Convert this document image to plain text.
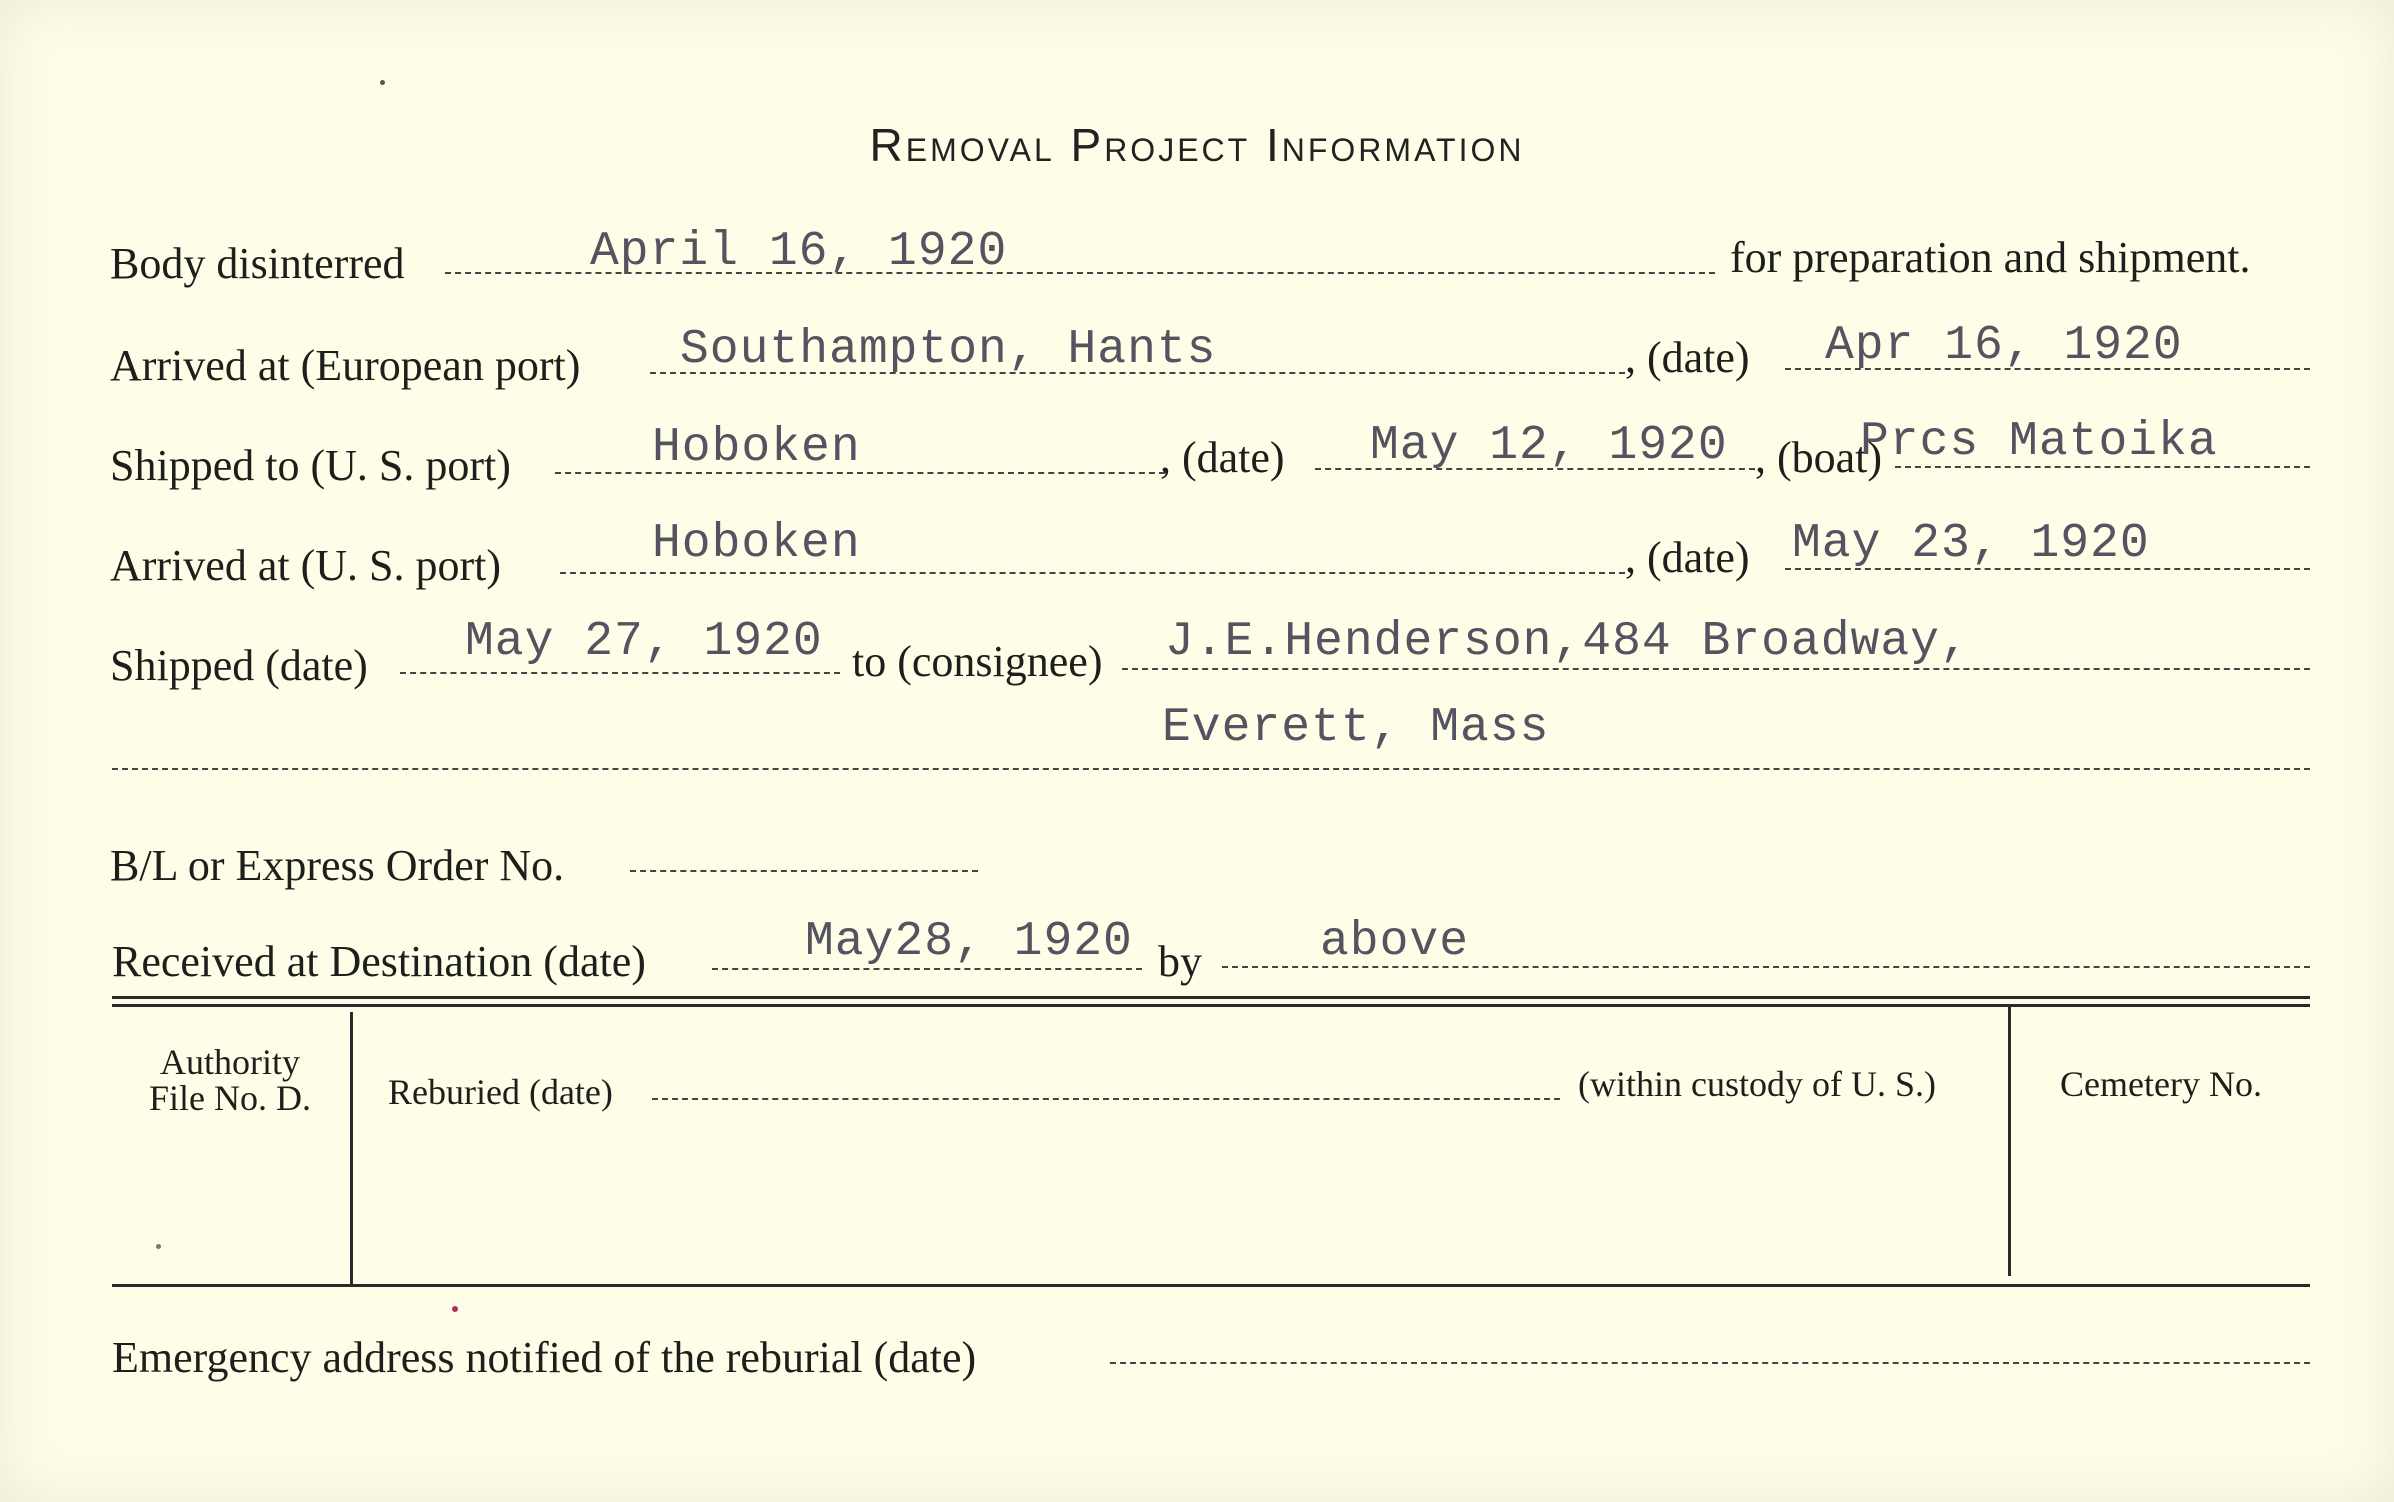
Removal Project Information
Body disinterred	April 16, 1920	for preparation and shipment.
Arrived at (European port) Southampton, Hants	, (date) Apr 16, 1920
Shipped to (U. S. port)	Hoboken	, (date) May 12, 1920 , (boat)
Prcs Matoika
Arrived at (U. S. port)	Hoboken	, (date) May 23, 1920
Shipped (date) May 27, 1920 to (consignee) J.E.Henderson,484 Broadway,
Everett, Mass
B/L or Express Order No.
Received at Destination (date)	May28, 1920 by above
Authority
File No. D.	Reburied (date)	(within custody of U. S.)	Cemetery No.
Emergency address notified of the reburial (date)
